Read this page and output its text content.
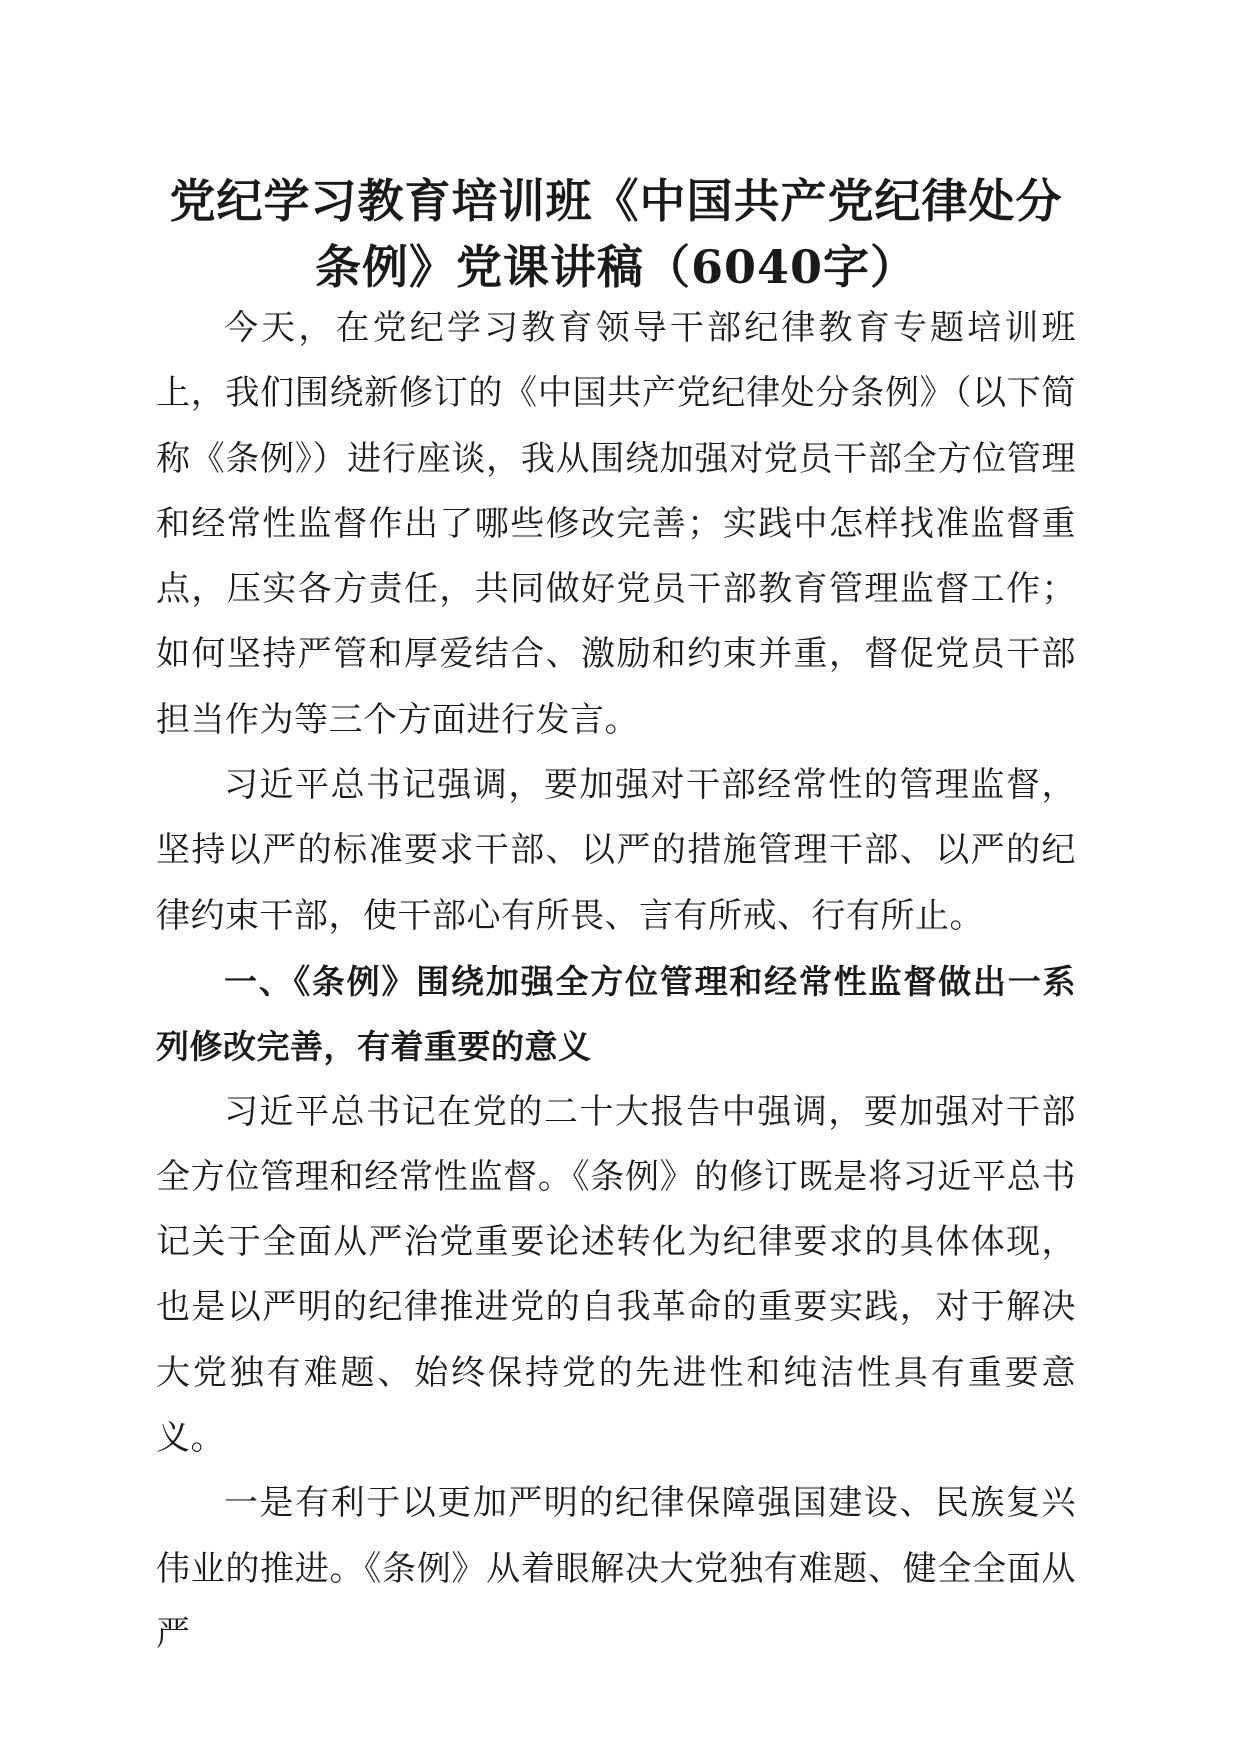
党纪学习教育培训班《中国共产党纪律处分条例》党课讲稿（6040字）

今天，在党纪学习教育领导干部纪律教育专题培训班上，我们围绕新修订的《中国共产党纪律处分条例》（以下简称《条例》）进行座谈，我从围绕加强对党员干部全方位管理和经常性监督作出了哪些修改完善；实践中怎样找准监督重点，压实各方责任，共同做好党员干部教育管理监督工作；如何坚持严管和厚爱结合、激励和约束并重，督促党员干部担当作为等三个方面进行发言。

习近平总书记强调，要加强对干部经常性的管理监督，坚持以严的标准要求干部、以严的措施管理干部、以严的纪律约束干部，使干部心有所畏、言有所戒、行有所止。

一、《条例》围绕加强全方位管理和经常性监督做出一系列修改完善，有着重要的意义

习近平总书记在党的二十大报告中强调，要加强对干部全方位管理和经常性监督。《条例》的修订既是将习近平总书记关于全面从严治党重要论述转化为纪律要求的具体体现，也是以严明的纪律推进党的自我革命的重要实践，对于解决大党独有难题、始终保持党的先进性和纯洁性具有重要意义。

一是有利于以更加严明的纪律保障强国建设、民族复兴伟业的推进。《条例》从着眼解决大党独有难题、健全全面从严
